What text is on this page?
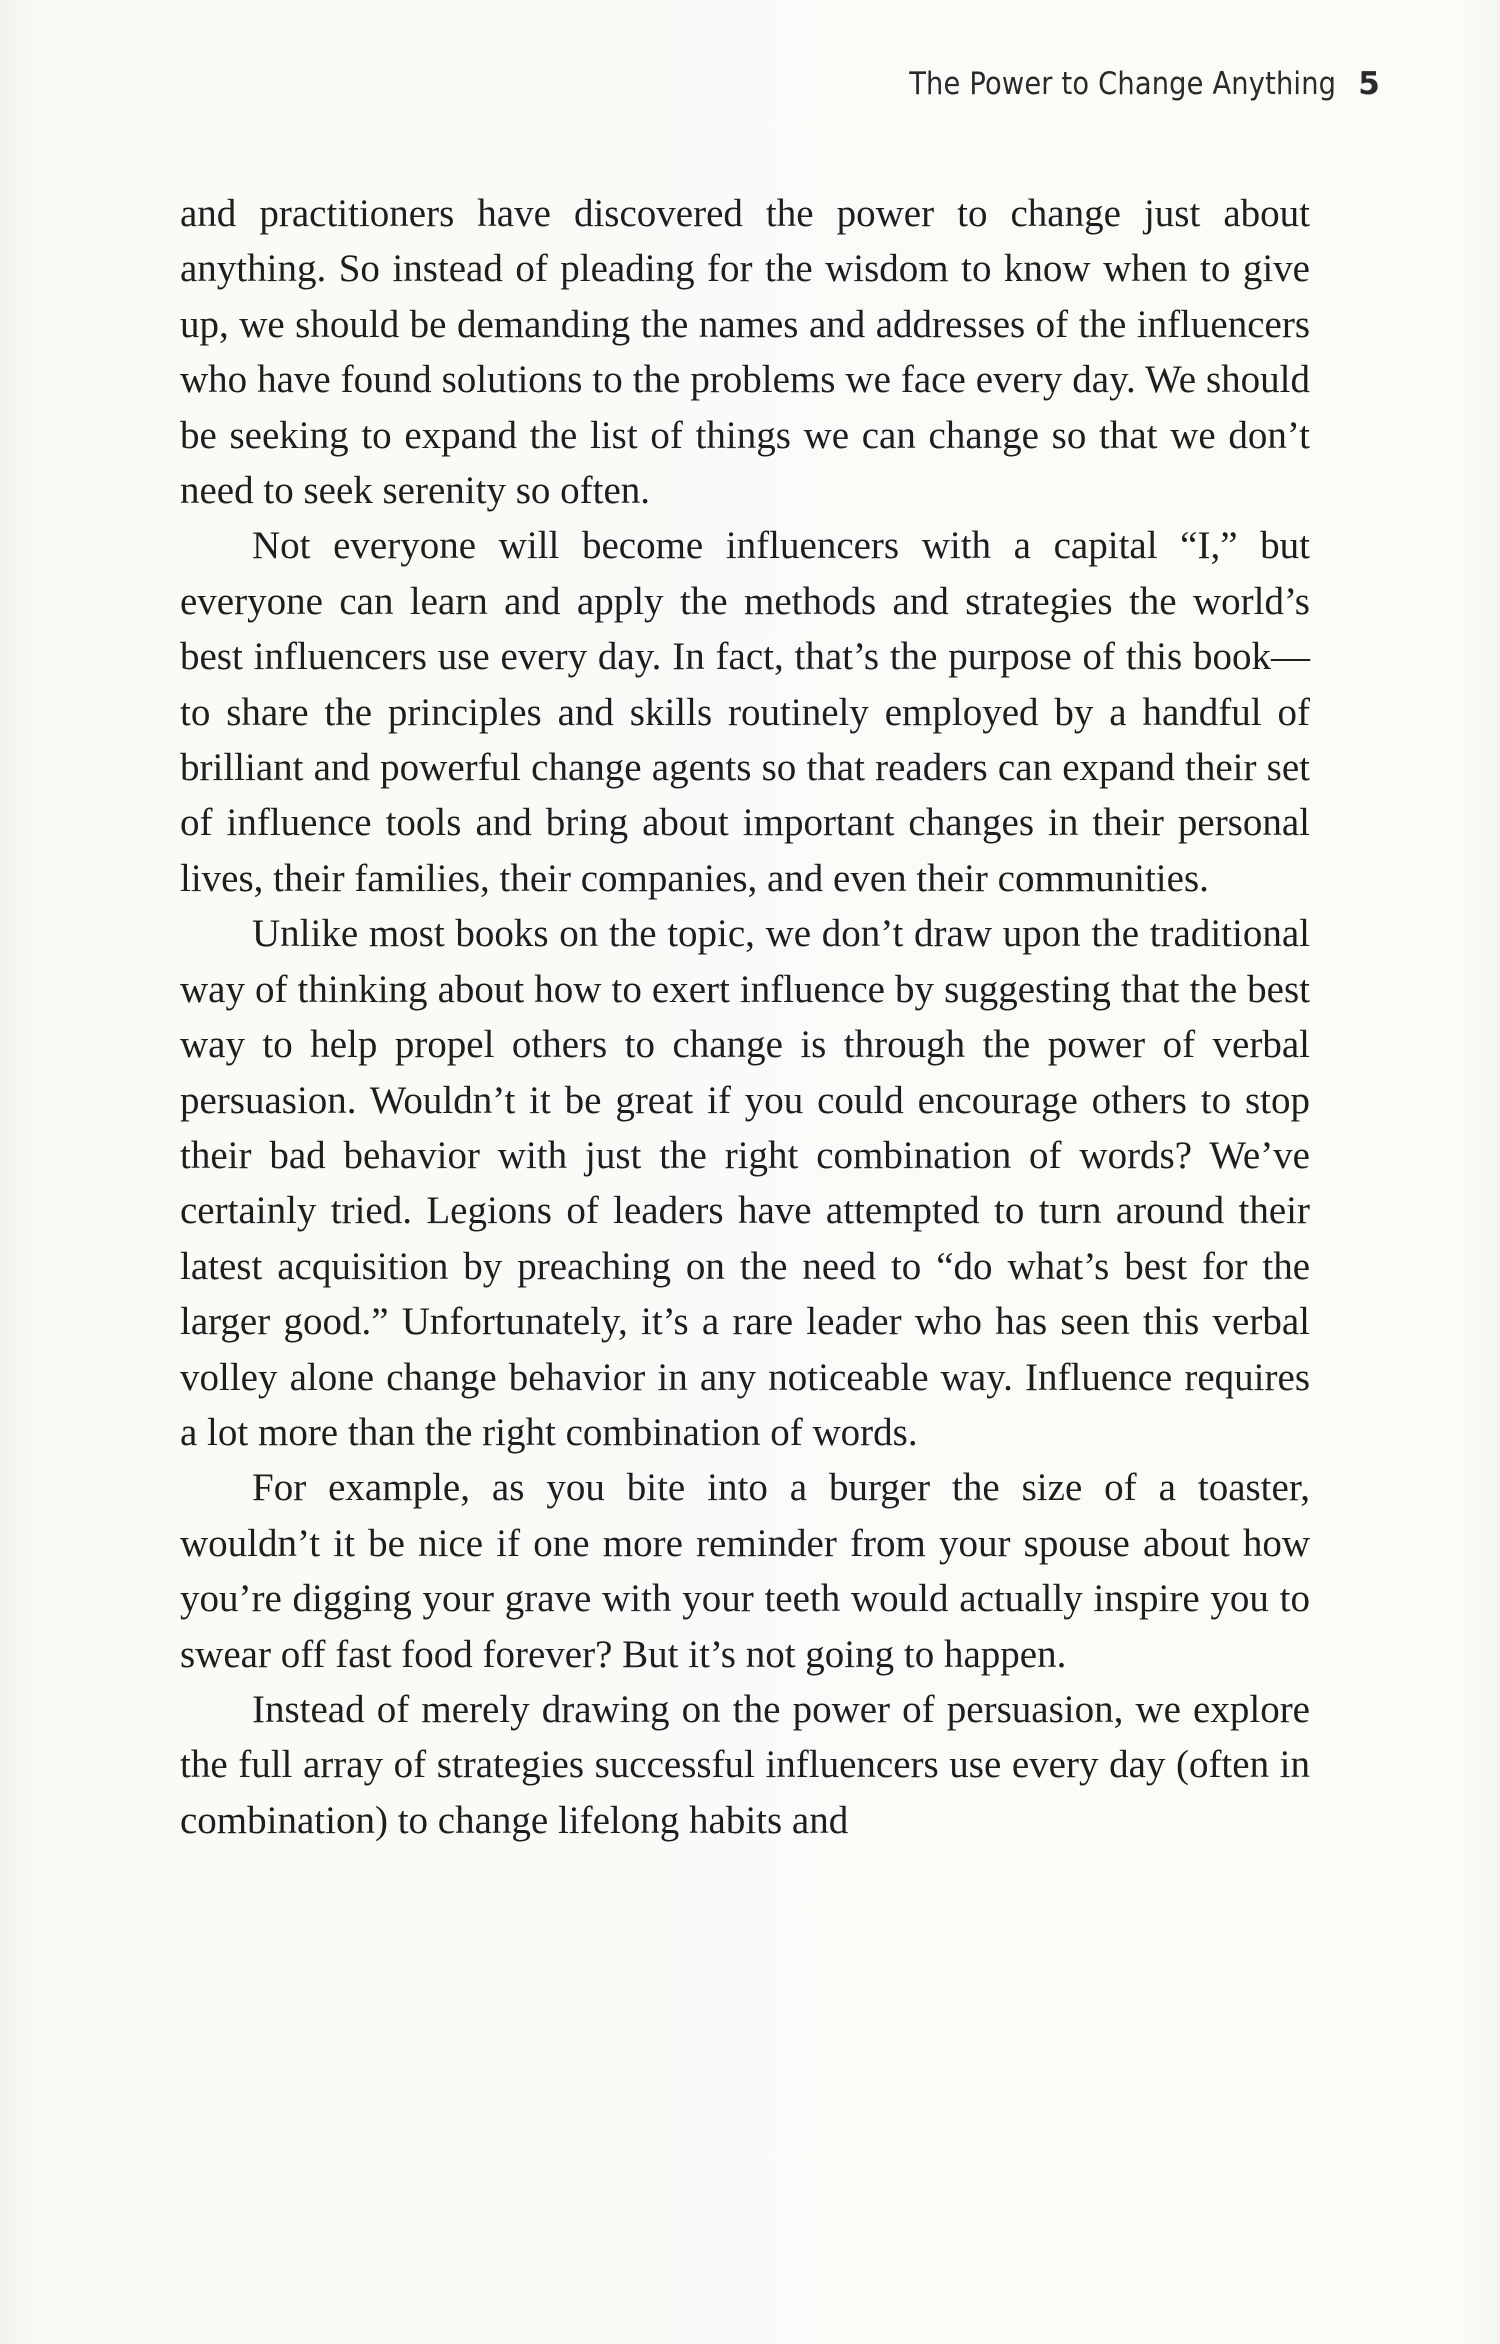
The Power to Change Anything 5

and practitioners have discovered the power to change just about anything. So instead of pleading for the wisdom to know when to give up, we should be demanding the names and addresses of the influencers who have found solutions to the problems we face every day. We should be seeking to expand the list of things we can change so that we don’t need to seek serenity so often.

Not everyone will become influencers with a capital “I,” but everyone can learn and apply the methods and strategies the world’s best influencers use every day. In fact, that’s the purpose of this book—to share the principles and skills routinely employed by a handful of brilliant and powerful change agents so that readers can expand their set of influence tools and bring about important changes in their personal lives, their families, their companies, and even their communities.

Unlike most books on the topic, we don’t draw upon the traditional way of thinking about how to exert influence by suggesting that the best way to help propel others to change is through the power of verbal persuasion. Wouldn’t it be great if you could encourage others to stop their bad behavior with just the right combination of words? We’ve certainly tried. Legions of leaders have attempted to turn around their latest acquisition by preaching on the need to “do what’s best for the larger good.” Unfortunately, it’s a rare leader who has seen this verbal volley alone change behavior in any noticeable way. Influence requires a lot more than the right combination of words.

For example, as you bite into a burger the size of a toaster, wouldn’t it be nice if one more reminder from your spouse about how you’re digging your grave with your teeth would actually inspire you to swear off fast food forever? But it’s not going to happen.

Instead of merely drawing on the power of persuasion, we explore the full array of strategies successful influencers use every day (often in combination) to change lifelong habits and
